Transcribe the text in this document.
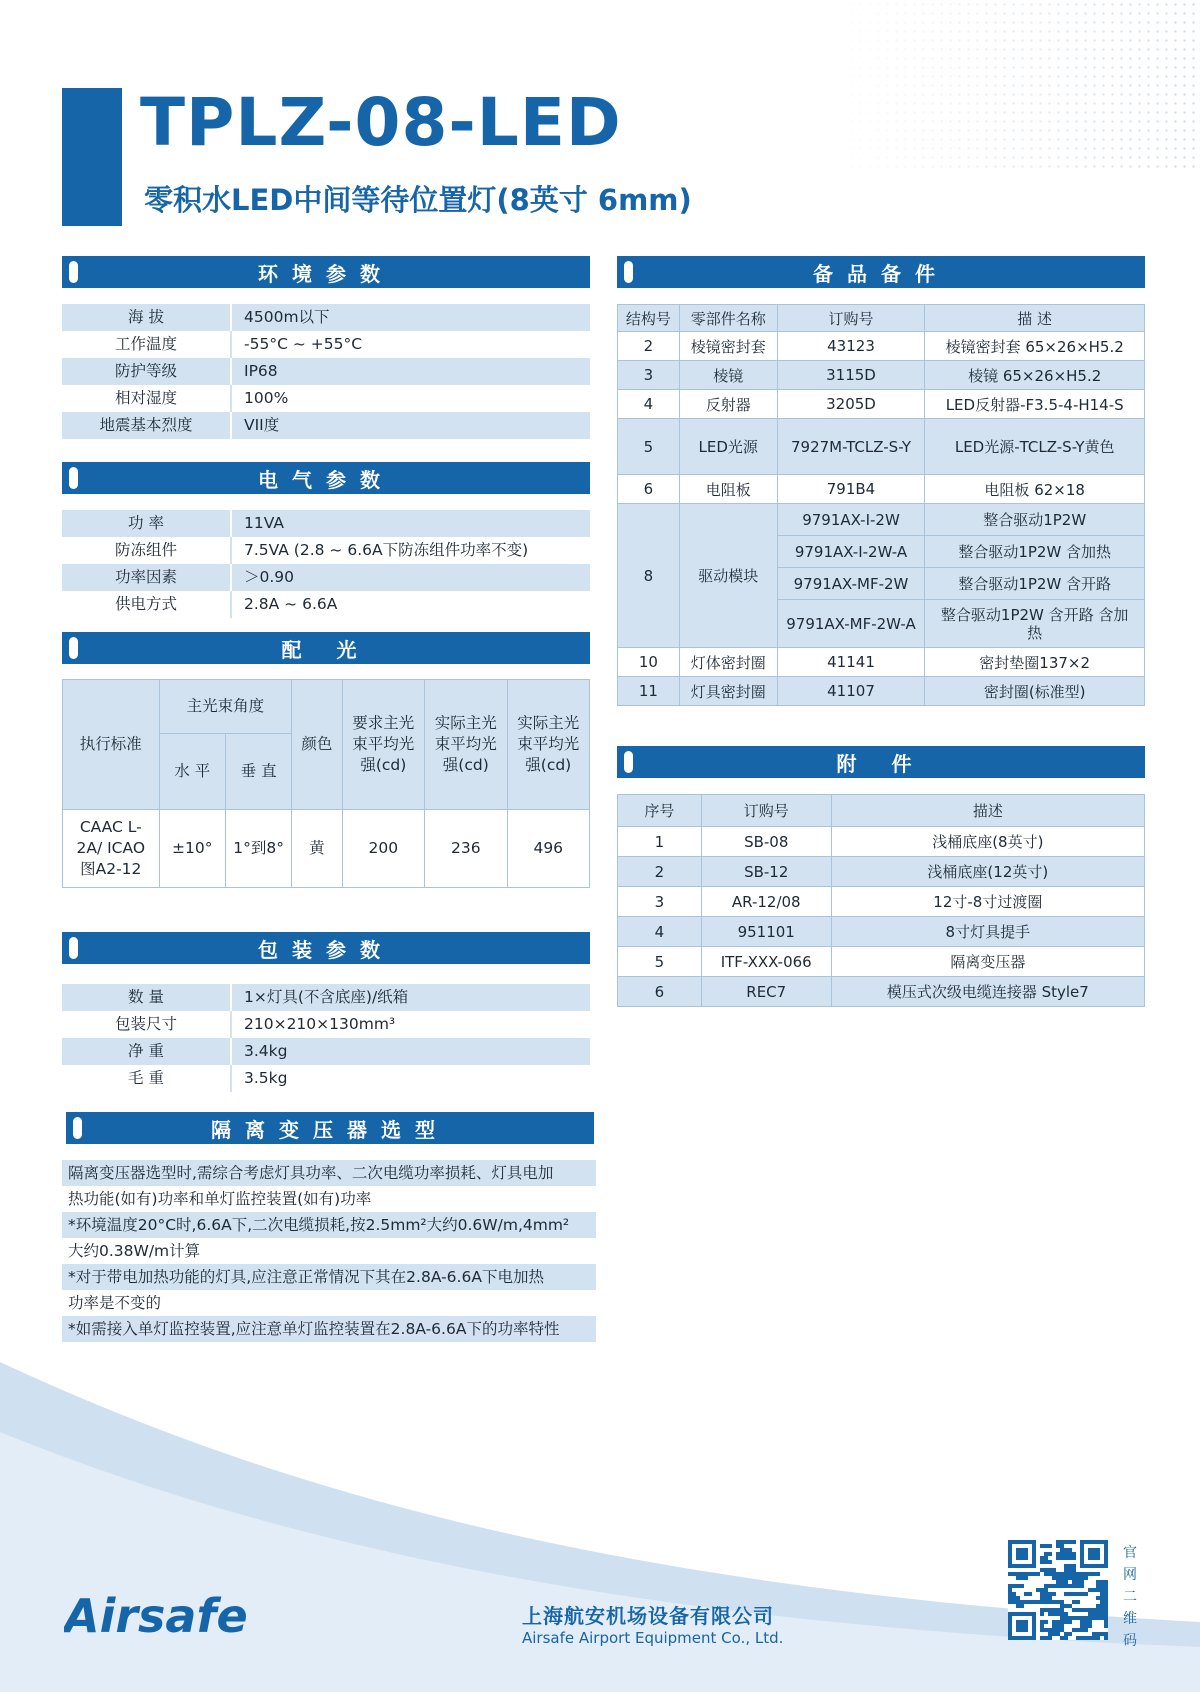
TPLZ-08-LED
零积水LED中间等待位置灯(8英寸 6mm)
环境参数
海 拔	4500m以下
工作温度	-55°C ~ +55°C
防护等级	IP68
相对湿度	100%
地震基本烈度	VII度
电气参数
功 率	11VA
防冻组件	7.5VA (2.8 ~ 6.6A下防冻组件功率不变)
功率因素	＞0.90
供电方式	2.8A ~ 6.6A
配 光
执行标准	主光束角度		颜色	要求主光束平均光强(cd)	实际主光束平均光强(cd)	实际主光束平均光强(cd)
	水 平	垂 直				
CAAC L-2A/ ICAO 图A2-12	±10°	1°到8°	黄	200	236	496
包装参数
数 量	1×灯具(不含底座)/纸箱
包装尺寸	210×210×130mm³
净 重	3.4kg
毛 重	3.5kg
隔离变压器选型
隔离变压器选型时,需综合考虑灯具功率、二次电缆功率损耗、灯具电加
热功能(如有)功率和单灯监控装置(如有)功率
*环境温度20°C时,6.6A下,二次电缆损耗,按2.5mm²大约0.6W/m,4mm²
大约0.38W/m计算
*对于带电加热功能的灯具,应注意正常情况下其在2.8A-6.6A下电加热
功率是不变的
*如需接入单灯监控装置,应注意单灯监控装置在2.8A-6.6A下的功率特性
备品备件
结构号	零部件名称	订购号	描 述
2	棱镜密封套	43123	棱镜密封套 65×26×H5.2
3	棱镜	3115D	棱镜 65×26×H5.2
4	反射器	3205D	LED反射器-F3.5-4-H14-S
5	LED光源	7927M-TCLZ-S-Y	LED光源-TCLZ-S-Y黄色
6	电阻板	791B4	电阻板 62×18
8	驱动模块	9791AX-I-2W	整合驱动1P2W
		9791AX-I-2W-A	整合驱动1P2W 含加热
		9791AX-MF-2W	整合驱动1P2W 含开路
		9791AX-MF-2W-A	整合驱动1P2W 含开路 含加热
10	灯体密封圈	41141	密封垫圈137×2
11	灯具密封圈	41107	密封圈(标准型)
附 件
序号	订购号	描述
1	SB-08	浅桶底座(8英寸)
2	SB-12	浅桶底座(12英寸)
3	AR-12/08	12寸-8寸过渡圈
4	951101	8寸灯具提手
5	ITF-XXX-066	隔离变压器
6	REC7	模压式次级电缆连接器 Style7
Airsafe	上海航安机场设备有限公司
Airsafe Airport Equipment Co., Ltd.
官网二维码
